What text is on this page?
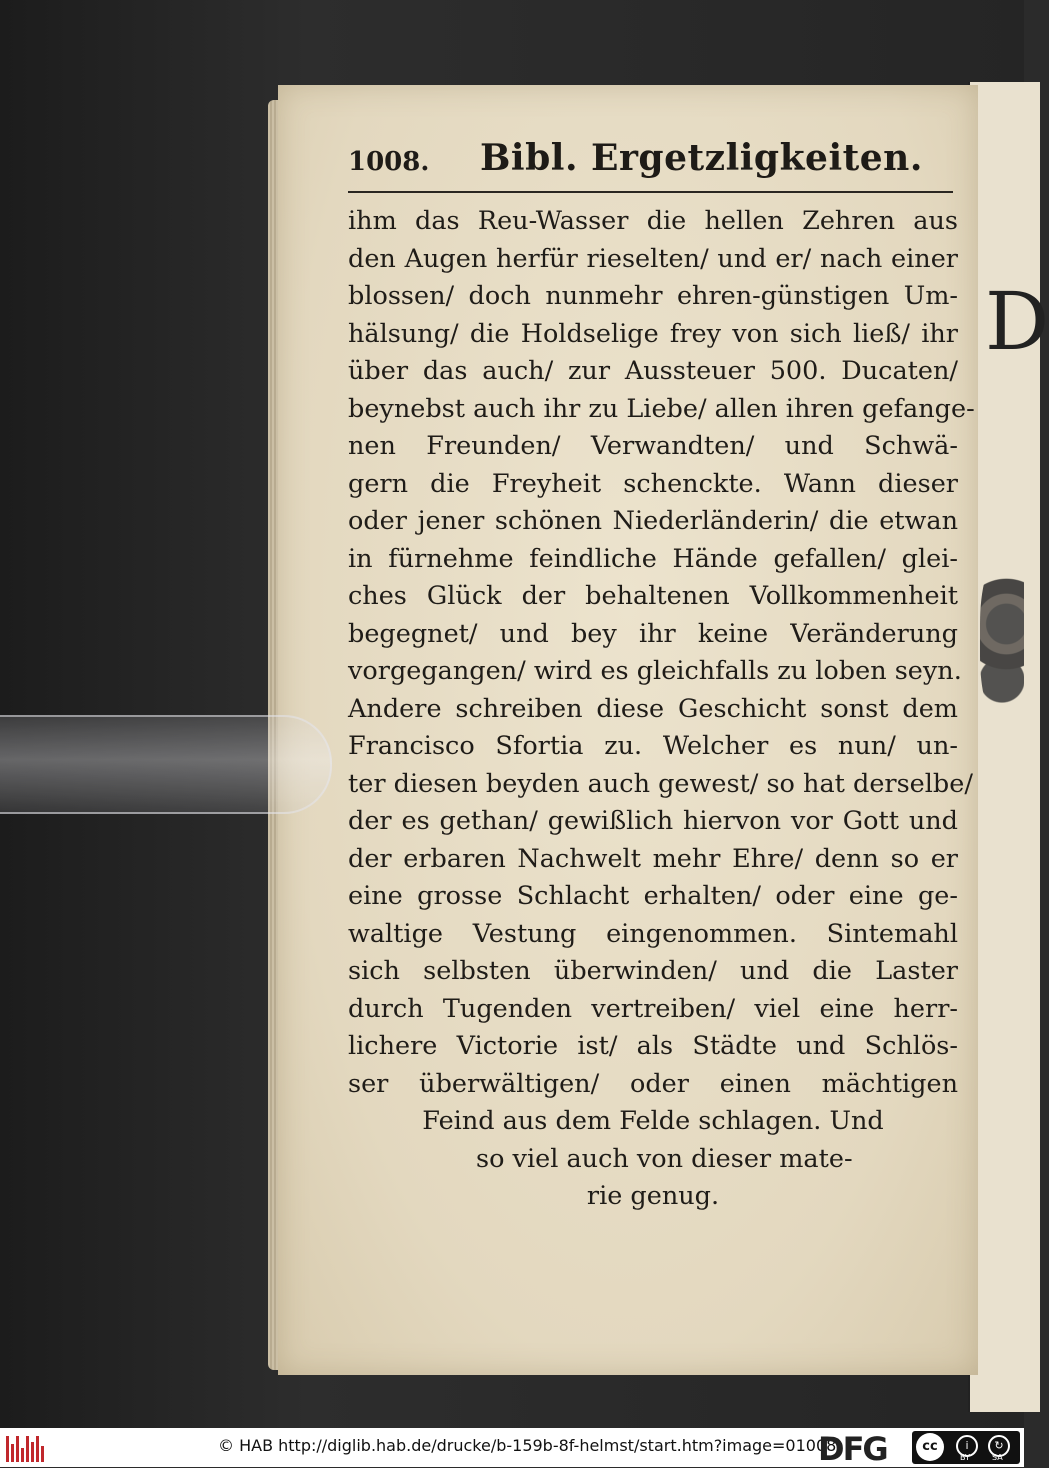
D
1008. Bibl. Ergetzligkeiten.
ihm das Reu-Wasser die hellen Zehren aus
den Augen herfür rieselten/ und er/ nach einer
blossen/ doch nunmehr ehren-günstigen Um-
hälsung/ die Holdselige frey von sich ließ/ ihr
über das auch/ zur Aussteuer 500. Ducaten/
beynebst auch ihr zu Liebe/ allen ihren gefange-
nen Freunden/ Verwandten/ und Schwä-
gern die Freyheit schenckte. Wann dieser
oder jener schönen Niederländerin/ die etwan
in fürnehme feindliche Hände gefallen/ glei-
ches Glück der behaltenen Vollkommenheit
begegnet/ und bey ihr keine Veränderung
vorgegangen/ wird es gleichfalls zu loben seyn.
Andere schreiben diese Geschicht sonst dem
Francisco Sfortia zu. Welcher es nun/ un-
ter diesen beyden auch gewest/ so hat derselbe/
der es gethan/ gewißlich hiervon vor Gott und
der erbaren Nachwelt mehr Ehre/ denn so er
eine grosse Schlacht erhalten/ oder eine ge-
waltige Vestung eingenommen. Sintemahl
sich selbsten überwinden/ und die Laster
durch Tugenden vertreiben/ viel eine herr-
lichere Victorie ist/ als Städte und Schlös-
ser überwältigen/ oder einen mächtigen
Feind aus dem Felde schlagen. Und
so viel auch von dieser mate-
rie genug.
© HAB http://diglib.hab.de/drucke/b-159b-8f-helmst/start.htm?image=01008
DFG	cc	i	↻
BY	SA
